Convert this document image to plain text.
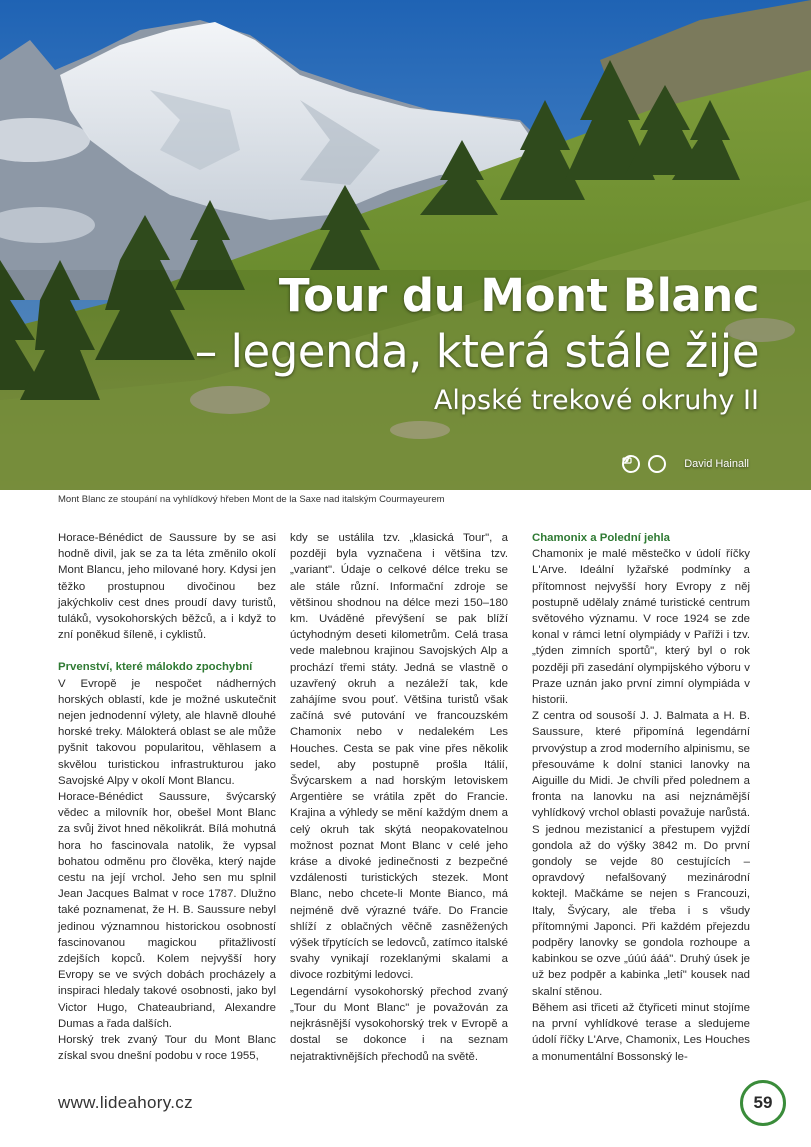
Tour du Mont Blanc
– legenda, která stále žije
Alpské trekové okruhy II
David Hainall
Mont Blanc ze stoupání na vyhlídkový hřeben Mont de la Saxe nad italským Courmayeurem

Horace-Bénédict de Saussure by se asi hodně divil, jak se za ta léta změnilo okolí Mont Blancu, jeho milované hory. Kdysi jen těžko prostupnou divočinou bez jakýchkoliv cest dnes proudí davy turistů, tuláků, vysokohorských běžců, a i když to zní poněkud šíleně, i cyklistů.

Prvenství, které málokdo zpochybní

V Evropě je nespočet nádherných horských oblastí, kde je možné uskutečnit nejen jednodenní výlety, ale hlavně dlouhé horské treky. Málokterá oblast se ale může pyšnit takovou popularitou, věhlasem a skvělou turistickou infrastrukturou jako Savojské Alpy v okolí Mont Blancu.

Horace-Bénédict Saussure, švýcarský vědec a milovník hor, obešel Mont Blanc za svůj život hned několikrát. Bílá mohutná hora ho fascinovala natolik, že vypsal bohatou odměnu pro člověka, který najde cestu na její vrchol. Jeho sen mu splnil Jean Jacques Balmat v roce 1787. Dlužno také poznamenat, že H. B. Saussure nebyl jedinou významnou historickou osobností fascinovanou magickou přitažlivostí zdejších kopců. Kolem nejvyšší hory Evropy se ve svých dobách procházely a inspiraci hledaly takové osobnosti, jako byl Victor Hugo, Chateaubriand, Alexandre Dumas a řada dalších.

Horský trek zvaný Tour du Mont Blanc získal svou dnešní podobu v roce 1955,

kdy se ustálila tzv. „klasická Tour", a později byla vyznačena i většina tzv. „variant". Údaje o celkové délce treku se ale stále různí. Informační zdroje se většinou shodnou na délce mezi 150–180 km. Uváděné převýšení se pak blíží úctyhodným deseti kilometrům. Celá trasa vede malebnou krajinou Savojských Alp a prochází třemi státy. Jedná se vlastně o uzavřený okruh a nezáleží tak, kde zahájíme svou pouť. Většina turistů však začíná své putování ve francouzském Chamonix nebo v nedalekém Les Houches. Cesta se pak vine přes několik sedel, aby postupně prošla Itálií, Švýcarskem a nad horským letoviskem Argentière se vrátila zpět do Francie. Krajina a výhledy se mění každým dnem a celý okruh tak skýtá neopakovatelnou možnost poznat Mont Blanc v celé jeho kráse a divoké jedinečnosti z bezpečné vzdálenosti turistických stezek. Mont Blanc, nebo chcete-li Monte Bianco, má nejméně dvě výrazné tváře. Do Francie shlíží z oblačných věčně zasněžených výšek třpytících se ledovců, zatímco italské svahy vynikají rozeklanými skalami a divoce rozbitými ledovci.

Legendární vysokohorský přechod zvaný „Tour du Mont Blanc" je považován za nejkrásnější vysokohorský trek v Evropě a dostal se dokonce i na seznam nejatraktivnějších přechodů na světě.

Chamonix a Polední jehla

Chamonix je malé městečko v údolí říčky L'Arve. Ideální lyžařské podmínky a přítomnost nejvyšší hory Evropy z něj postupně udělaly známé turistické centrum světového významu. V roce 1924 se zde konal v rámci letní olympiády v Paříži i tzv. „týden zimních sportů", který byl o rok později při zasedání olympijského výboru v Praze uznán jako první zimní olympiáda v historii.

Z centra od sousoší J. J. Balmata a H. B. Saussure, které připomíná legendární prvovýstup a zrod moderního alpinismu, se přesouváme k dolní stanici lanovky na Aiguille du Midi. Je chvíli před polednem a fronta na lanovku na asi nejznámější vyhlídkový vrchol oblasti považuje narůstá. S jednou mezistanicí a přestupem vyjždí gondola až do výšky 3842 m. Do první gondoly se vejde 80 cestujících – opravdový nefalšovaný mezinárodní koktejl. Mačkáme se nejen s Francouzi, Italy, Švýcary, ale třeba i s všudy přítomnými Japonci. Při každém přejezdu podpěry lanovky se gondola rozhoupe a kabinkou se ozve „úúú ááá". Druhý úsek je už bez podpěr a kabinka „letí" kousek nad skalní stěnou.

Během asi třiceti až čtyřiceti minut stojíme na první vyhlídkové terase a sledujeme údolí říčky L'Arve, Chamonix, Les Houches a monumentální Bossonský le-

www.lideahory.cz	59
